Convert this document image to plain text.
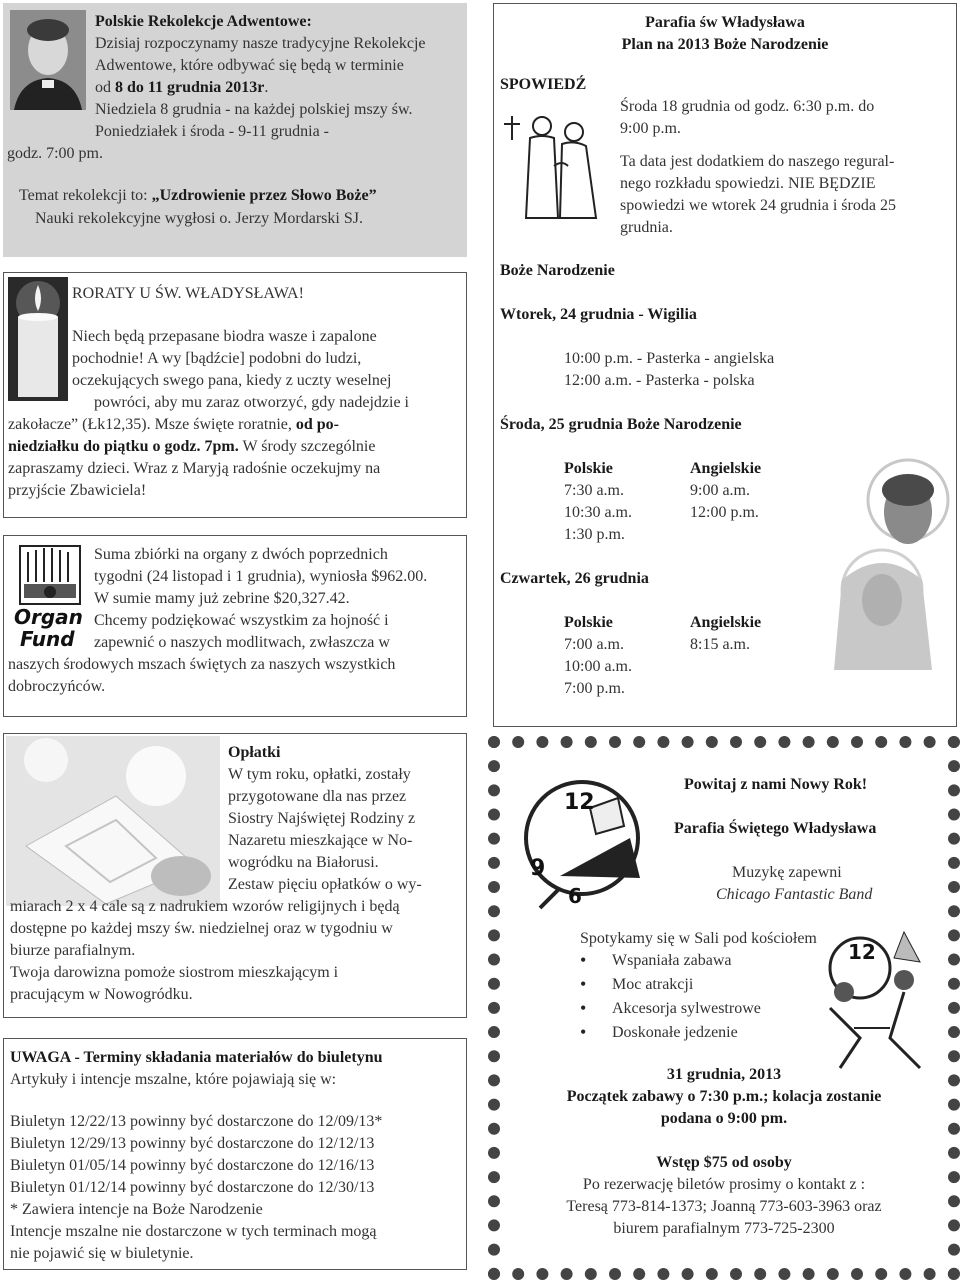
Polskie Rekolekcje Adwentowe:
Dzisiaj rozpoczynamy nasze tradycyjne Rekolekcje
Adwentowe, które odbywać się będą w terminie
od 8 do 11 grudnia 2013r.
Niedziela 8 grudnia - na każdej polskiej mszy św.
Poniedziałek i środa - 9-11 grudnia -
godz. 7:00 pm.
Temat rekolekcji to: „Uzdrowienie przez Słowo Boże”
Nauki rekolekcyjne wygłosi o. Jerzy Mordarski SJ.
RORATY U ŚW. WŁADYSŁAWA!
Niech będą przepasane biodra wasze i zapalone
pochodnie! A wy [bądźcie] podobni do ludzi,
oczekujących swego pana, kiedy z uczty weselnej
powróci, aby mu zaraz otworzyć, gdy nadejdzie i
zakołacze” (Łk12,35). Msze święte roratnie, od po-
niedziałku do piątku o godz. 7pm. W środy szczególnie
zapraszamy dzieci. Wraz z Maryją radośnie oczekujmy na
przyjście Zbawiciela!
Organ
Fund
Suma zbiórki na organy z dwóch poprzednich
tygodni (24 listopad i 1 grudnia), wyniosła $962.00.
W sumie mamy już zebrine $20,327.42.
Chcemy podziękować wszystkim za hojność i
zapewnić o naszych modlitwach, zwłaszcza w
naszych środowych mszach świętych za naszych wszystkich
dobroczyńców.
Parafia św Władysława
Plan na 2013 Boże Narodzenie
SPOWIEDŹ
Środa 18 grudnia od godz. 6:30 p.m. do
9:00 p.m.
Ta data jest dodatkiem do naszego regural-
nego rozkładu spowiedzi. NIE BĘDZIE
spowiedzi we wtorek 24 grudnia i środa 25
grudnia.
Boże Narodzenie
Wtorek, 24 grudnia - Wigilia
10:00 p.m. - Pasterka - angielska
12:00 a.m. - Pasterka - polska
Środa, 25 grudnia Boże Narodzenie
Polskie	Angielskie
7:30 a.m.
10:30 a.m.
1:30 p.m.
9:00 a.m.
12:00 p.m.
Czwartek, 26 grudnia
Polskie	Angielskie
7:00 a.m.
10:00 a.m.
7:00 p.m.
8:15 a.m.
Opłatki
W tym roku, opłatki, zostały
przygotowane dla nas przez
Siostry Najświętej Rodziny z
Nazaretu mieszkające w No-
wogródku na Białorusi.
Zestaw pięciu opłatków o wy-
miarach 2 x 4 cale są z nadrukiem wzorów religijnych i będą
dostępne po każdej mszy św. niedzielnej oraz w tygodniu w
biurze parafialnym.
Twoja darowizna pomoże siostrom mieszkającym i
pracującym w Nowogródku.
UWAGA - Terminy składania materiałów do biuletynu
Artykuły i intencje mszalne, które pojawiają się w:
Biuletyn 12/22/13 powinny być dostarczone do 12/09/13*
Biuletyn 12/29/13 powinny być dostarczone do 12/12/13
Biuletyn 01/05/14 powinny być dostarczone do 12/16/13
Biuletyn 01/12/14 powinny być dostarczone do 12/30/13
* Zawiera intencje na Boże Narodzenie
Intencje mszalne nie dostarczone w tych terminach mogą
nie pojawić się w biuletynie.
12
9
6
12
Powitaj z nami Nowy Rok!
Parafia Świętego Władysława
Muzykę zapewni
Chicago Fantastic Band
Spotykamy się w Sali pod kościołem
• Wspaniała zabawa
• Moc atrakcji
• Akcesorja sylwestrowe
• Doskonałe jedzenie
31 grudnia, 2013
Początek zabawy o 7:30 p.m.; kolacja zostanie
podana o 9:00 pm.
Wstęp $75 od osoby
Po rezerwację biletów prosimy o kontakt z :
Teresą 773-814-1373; Joanną 773-603-3963 oraz
biurem parafialnym 773-725-2300
